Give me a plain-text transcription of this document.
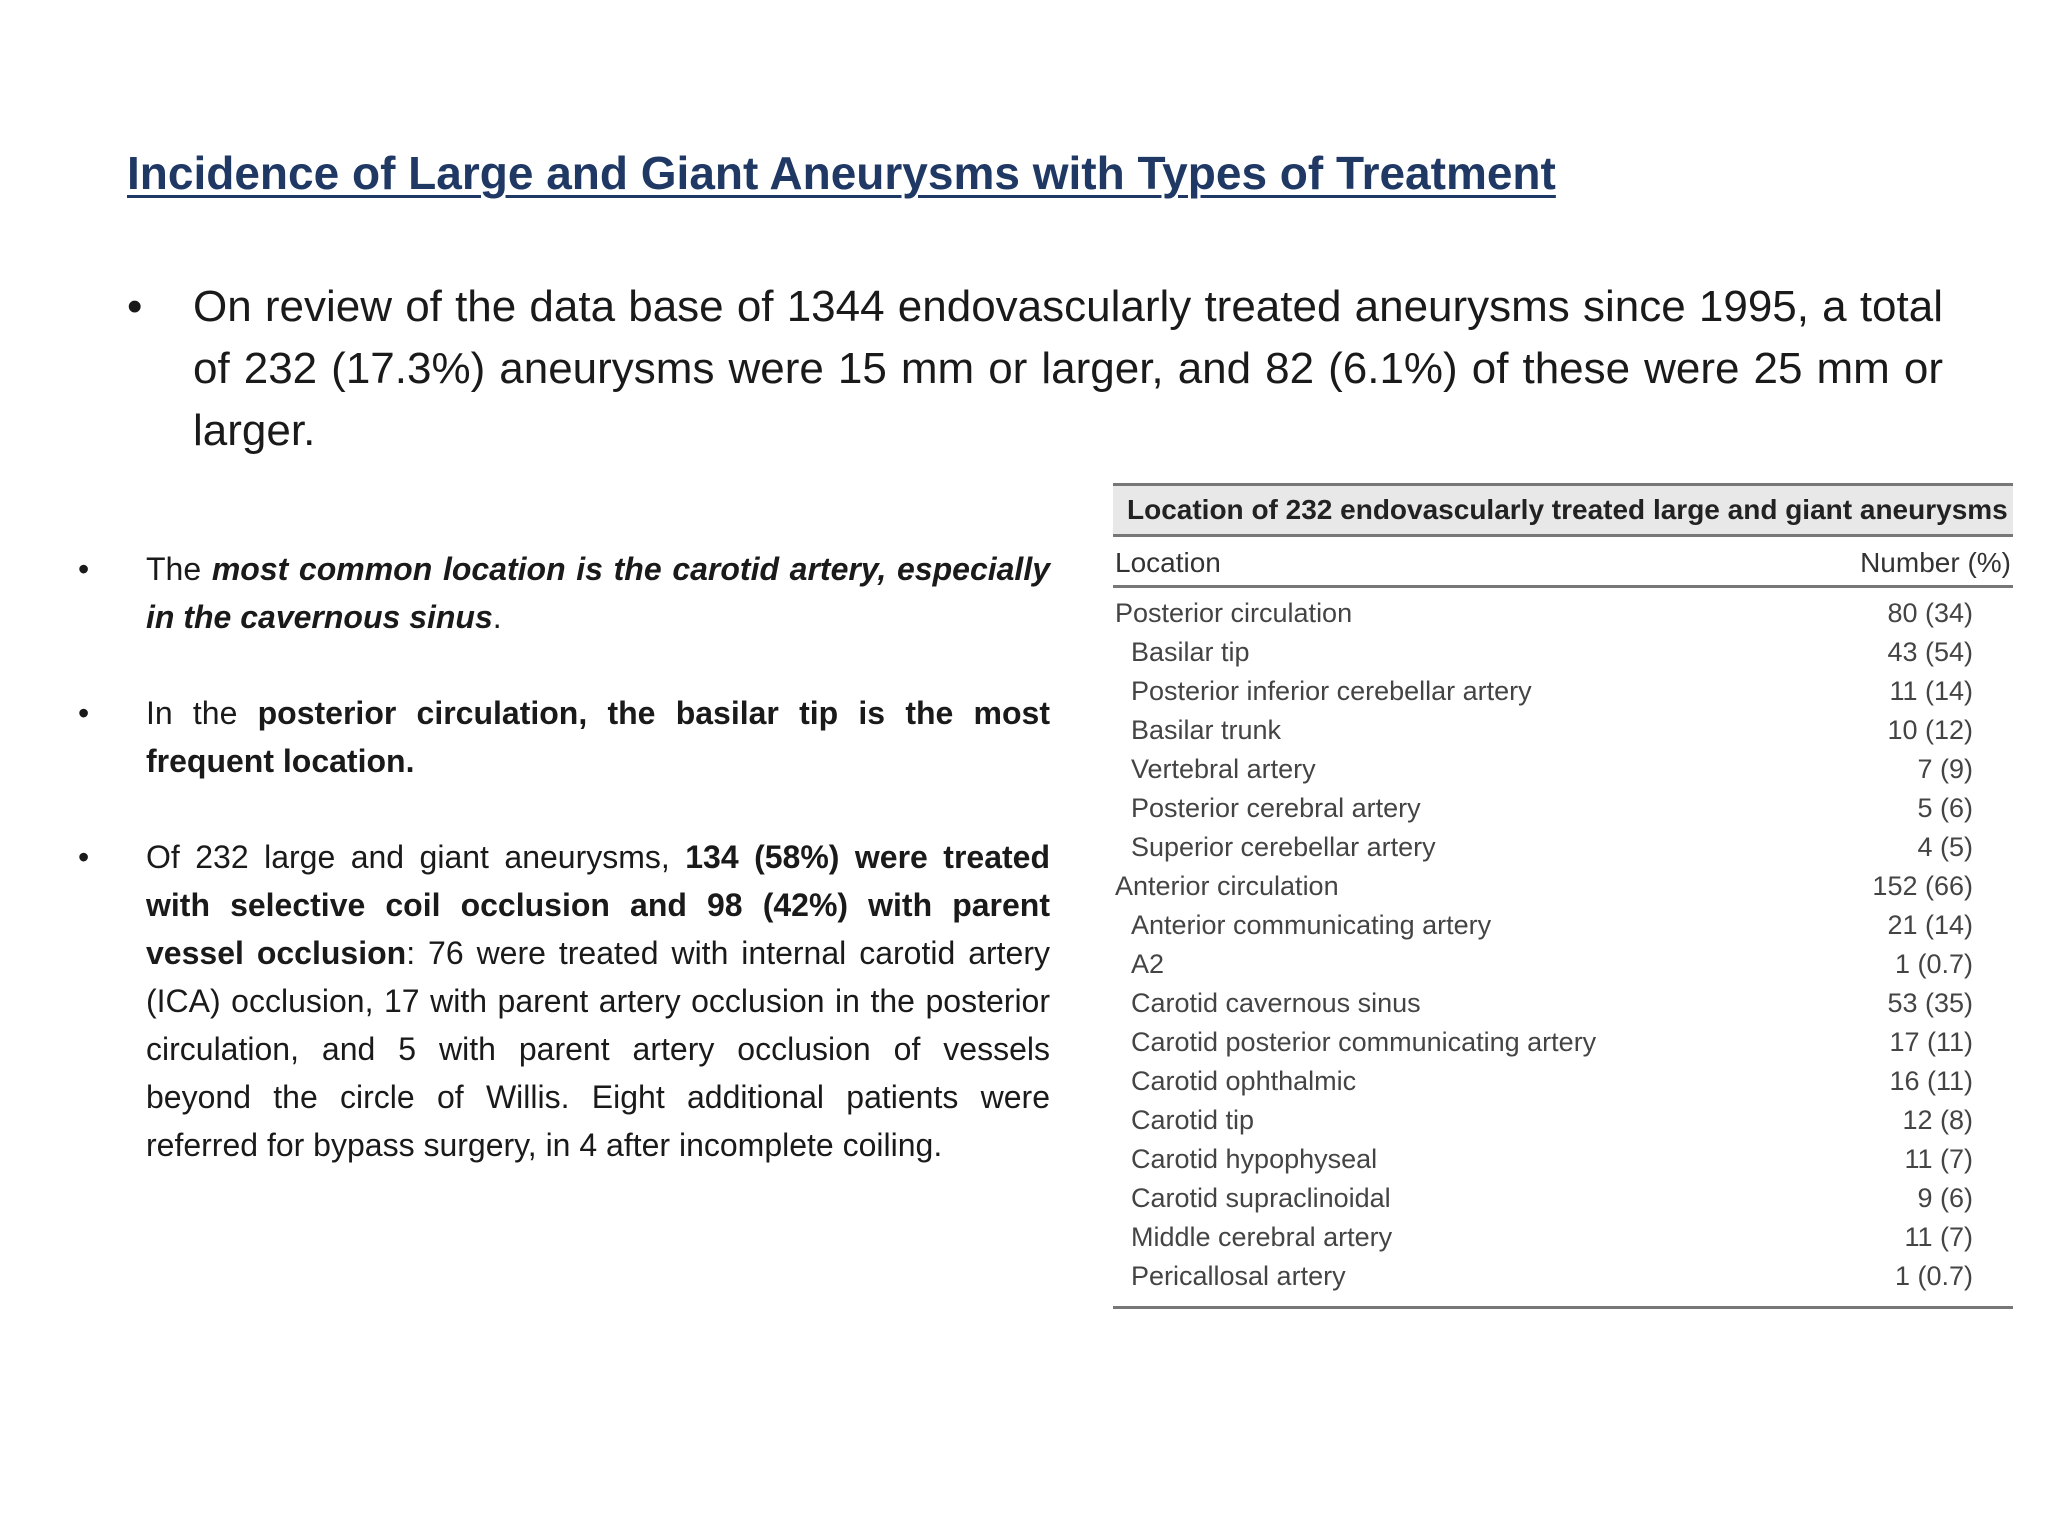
Incidence of Large and Giant Aneurysms with Types of Treatment
• On review of the data base of 1344 endovascularly treated aneurysms since 1995, a total of 232 (17.3%) aneurysms were 15 mm or larger, and 82 (6.1%) of these were 25 mm or larger.
• The most common location is the carotid artery, especially in the cavernous sinus.
• In the posterior circulation, the basilar tip is the most frequent location.
• Of 232 large and giant aneurysms, 134 (58%) were treated with selective coil occlusion and 98 (42%) with parent vessel occlusion: 76 were treated with internal carotid artery (ICA) occlusion, 17 with parent artery occlusion in the posterior circulation, and 5 with parent artery occlusion of vessels beyond the circle of Willis. Eight additional patients were referred for bypass surgery, in 4 after incomplete coiling.
Location of 232 endovascularly treated large and giant aneurysms
Location	Number (%)
Posterior circulation	80 (34)
Basilar tip	43 (54)
Posterior inferior cerebellar artery	11 (14)
Basilar trunk	10 (12)
Vertebral artery	7 (9)
Posterior cerebral artery	5 (6)
Superior cerebellar artery	4 (5)
Anterior circulation	152 (66)
Anterior communicating artery	21 (14)
A2	1 (0.7)
Carotid cavernous sinus	53 (35)
Carotid posterior communicating artery	17 (11)
Carotid ophthalmic	16 (11)
Carotid tip	12 (8)
Carotid hypophyseal	11 (7)
Carotid supraclinoidal	9 (6)
Middle cerebral artery	11 (7)
Pericallosal artery	1 (0.7)
